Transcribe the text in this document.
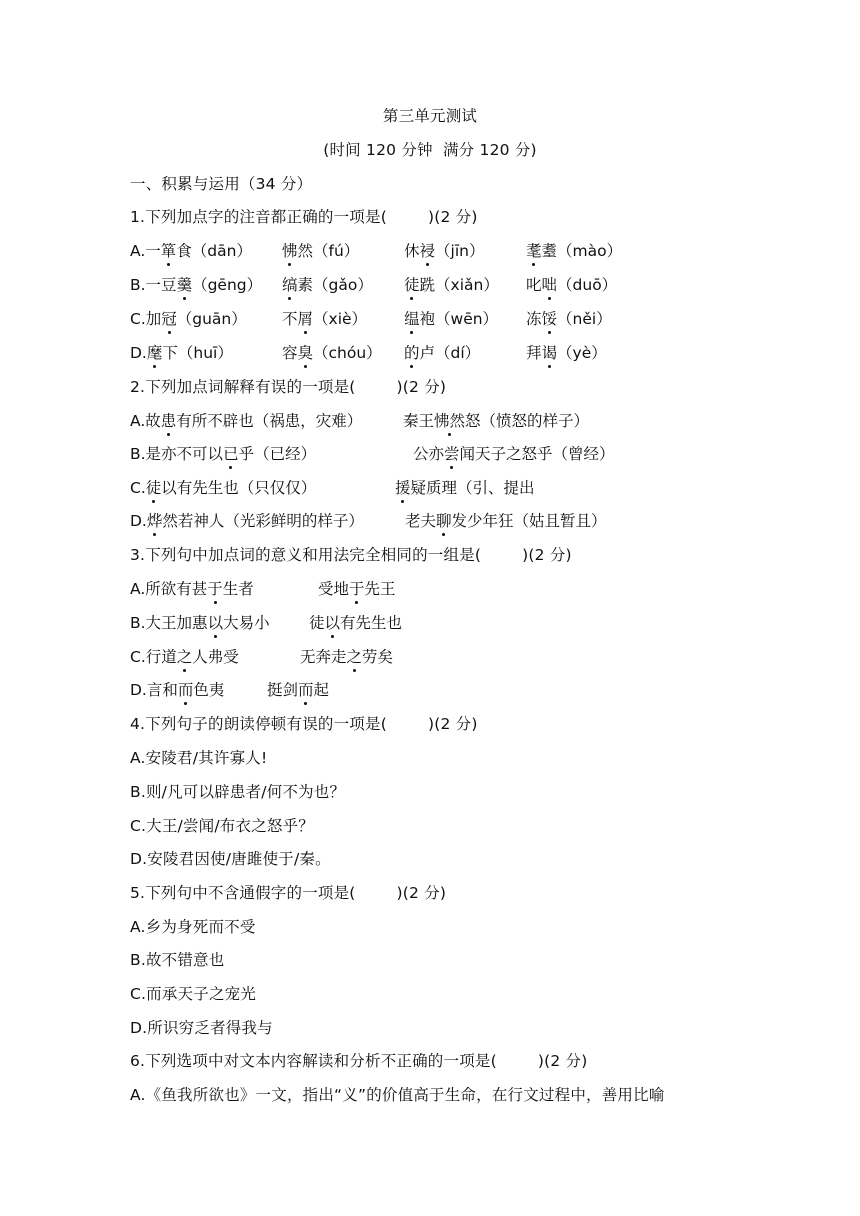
第三单元测试
(时间 120 分钟  满分 120 分)
一、积累与运用（34 分）
1.下列加点字的注音都正确的一项是(        )(2 分)
A.一箪食（dān） 怫然（fú）	休祲（jīn）	耄耋（mào）
B.一豆羹（gēng） 缟素（gǎo） 徒跣（xiǎn） 叱咄（duō）
C.加冠（guān） 不屑（xiè） 缊袍（wēn） 冻馁（něi）
D.麾下（huī）	容臭（chóu） 的卢（dí）	拜谒（yè）
2.下列加点词解释有误的一项是(        )(2 分)
A.故患有所不辟也（祸患，灾难）	秦王怫然怒（愤怒的样子）
B.是亦不可以已乎（已经）	公亦尝闻天子之怒乎（曾经）
C.徒以有先生也（只仅仅）	援疑质理（引、提出
D.烨然若神人（光彩鲜明的样子）	老夫聊发少年狂（姑且暂且）
3.下列句中加点词的意义和用法完全相同的一组是(        )(2 分)
A.所欲有甚于生者	受地于先王
B.大王加惠以大易小	徒以有先生也
C.行道之人弗受	无奔走之劳矣
D.言和而色夷	挺剑而起
4.下列句子的朗读停顿有误的一项是(        )(2 分)
A.安陵君/其许寡人!
B.则/凡可以辟患者/何不为也？
C.大王/尝闻/布衣之怒乎？
D.安陵君因使/唐雎使于/秦。
5.下列句中不含通假字的一项是(        )(2 分)
A.乡为身死而不受
B.故不错意也
C.而承天子之宠光
D.所识穷乏者得我与
6.下列选项中对文本内容解读和分析不正确的一项是(        )(2 分)
A.《鱼我所欲也》一文，指出“义”的价值高于生命，在行文过程中，善用比喻
